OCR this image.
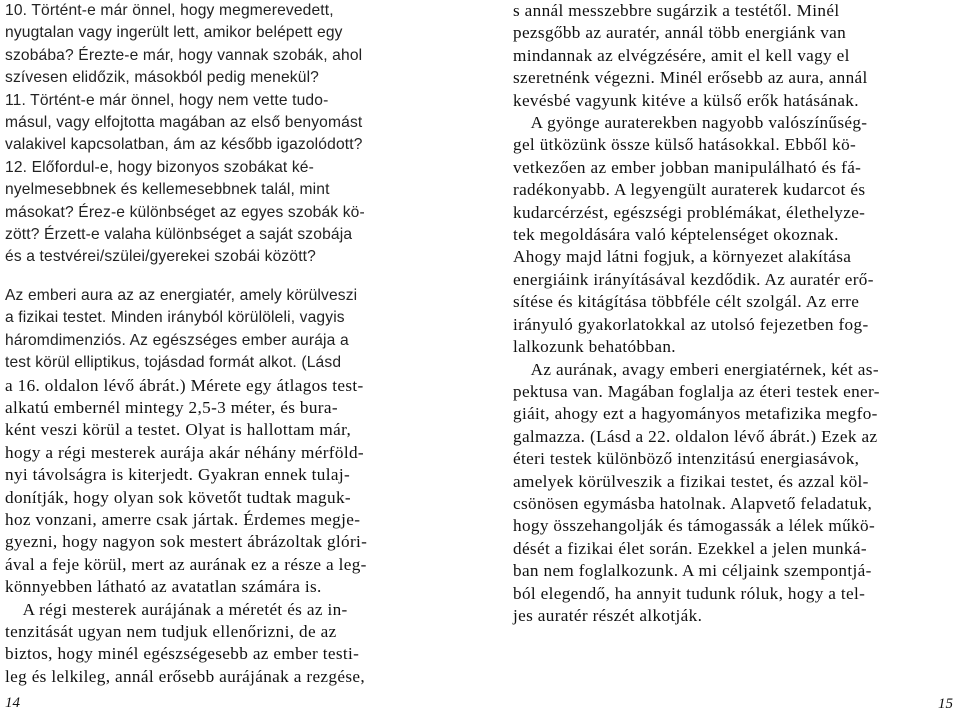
10. Történt-e már önnel, hogy megmerevedett,

nyugtalan vagy ingerült lett, amikor belépett egy

szobába? Érezte-e már, hogy vannak szobák, ahol

szívesen elidőzik, másokból pedig menekül?

11. Történt-e már önnel, hogy nem vette tudo-

másul, vagy elfojtotta magában az első benyomást

valakivel kapcsolatban, ám az később igazolódott?

12. Előfordul-e, hogy bizonyos szobákat ké-

nyelmesebbnek és kellemesebbnek talál, mint

másokat? Érez-e különbséget az egyes szobák kö-

zött? Érzett-e valaha különbséget a saját szobája

és a testvérei/szülei/gyerekei szobái között?

Az emberi aura az az energiatér, amely körülveszi

a fizikai testet. Minden irányból körülöleli, vagyis

háromdimenziós. Az egészséges ember aurája a

test körül elliptikus, tojásdad formát alkot. (Lásd

a 16. oldalon lévő ábrát.) Mérete egy átlagos test-

alkatú embernél mintegy 2,5-3 méter, és bura-

ként veszi körül a testet. Olyat is hallottam már,

hogy a régi mesterek aurája akár néhány mérföld-

nyi távolságra is kiterjedt. Gyakran ennek tulaj-

donítják, hogy olyan sok követőt tudtak maguk-

hoz vonzani, amerre csak jártak. Érdemes megje-

gyezni, hogy nagyon sok mestert ábrázoltak glóri-

ával a feje körül, mert az aurának ez a része a leg-

könnyebben látható az avatatlan számára is.

A régi mesterek aurájának a méretét és az in-

tenzitását ugyan nem tudjuk ellenőrizni, de az

biztos, hogy minél egészségesebb az ember testi-

leg és lelkileg, annál erősebb aurájának a rezgése,

s annál messzebbre sugárzik a testétől. Minél

pezsgőbb az auratér, annál több energiánk van

mindannak az elvégzésére, amit el kell vagy el

szeretnénk végezni. Minél erősebb az aura, annál

kevésbé vagyunk kitéve a külső erők hatásának.

A gyönge auraterekben nagyobb valószínűség-

gel ütközünk össze külső hatásokkal. Ebből kö-

vetkezően az ember jobban manipulálható és fá-

radékonyabb. A legyengült auraterek kudarcot és

kudarcérzést, egészségi problémákat, élethelyze-

tek megoldására való képtelenséget okoznak.

Ahogy majd látni fogjuk, a környezet alakítása

energiáink irányításával kezdődik. Az auratér erő-

sítése és kitágítása többféle célt szolgál. Az erre

irányuló gyakorlatokkal az utolsó fejezetben fog-

lalkozunk behatóbban.

Az aurának, avagy emberi energiatérnek, két as-

pektusa van. Magában foglalja az éteri testek ener-

giáit, ahogy ezt a hagyományos metafizika megfo-

galmazza. (Lásd a 22. oldalon lévő ábrát.) Ezek az

éteri testek különböző intenzitású energiasávok,

amelyek körülveszik a fizikai testet, és azzal köl-

csönösen egymásba hatolnak. Alapvető feladatuk,

hogy összehangolják és támogassák a lélek műkö-

dését a fizikai élet során. Ezekkel a jelen munká-

ban nem foglalkozunk. A mi céljaink szempontjá-

ból elegendő, ha annyit tudunk róluk, hogy a tel-

jes auratér részét alkotják.

14	15
